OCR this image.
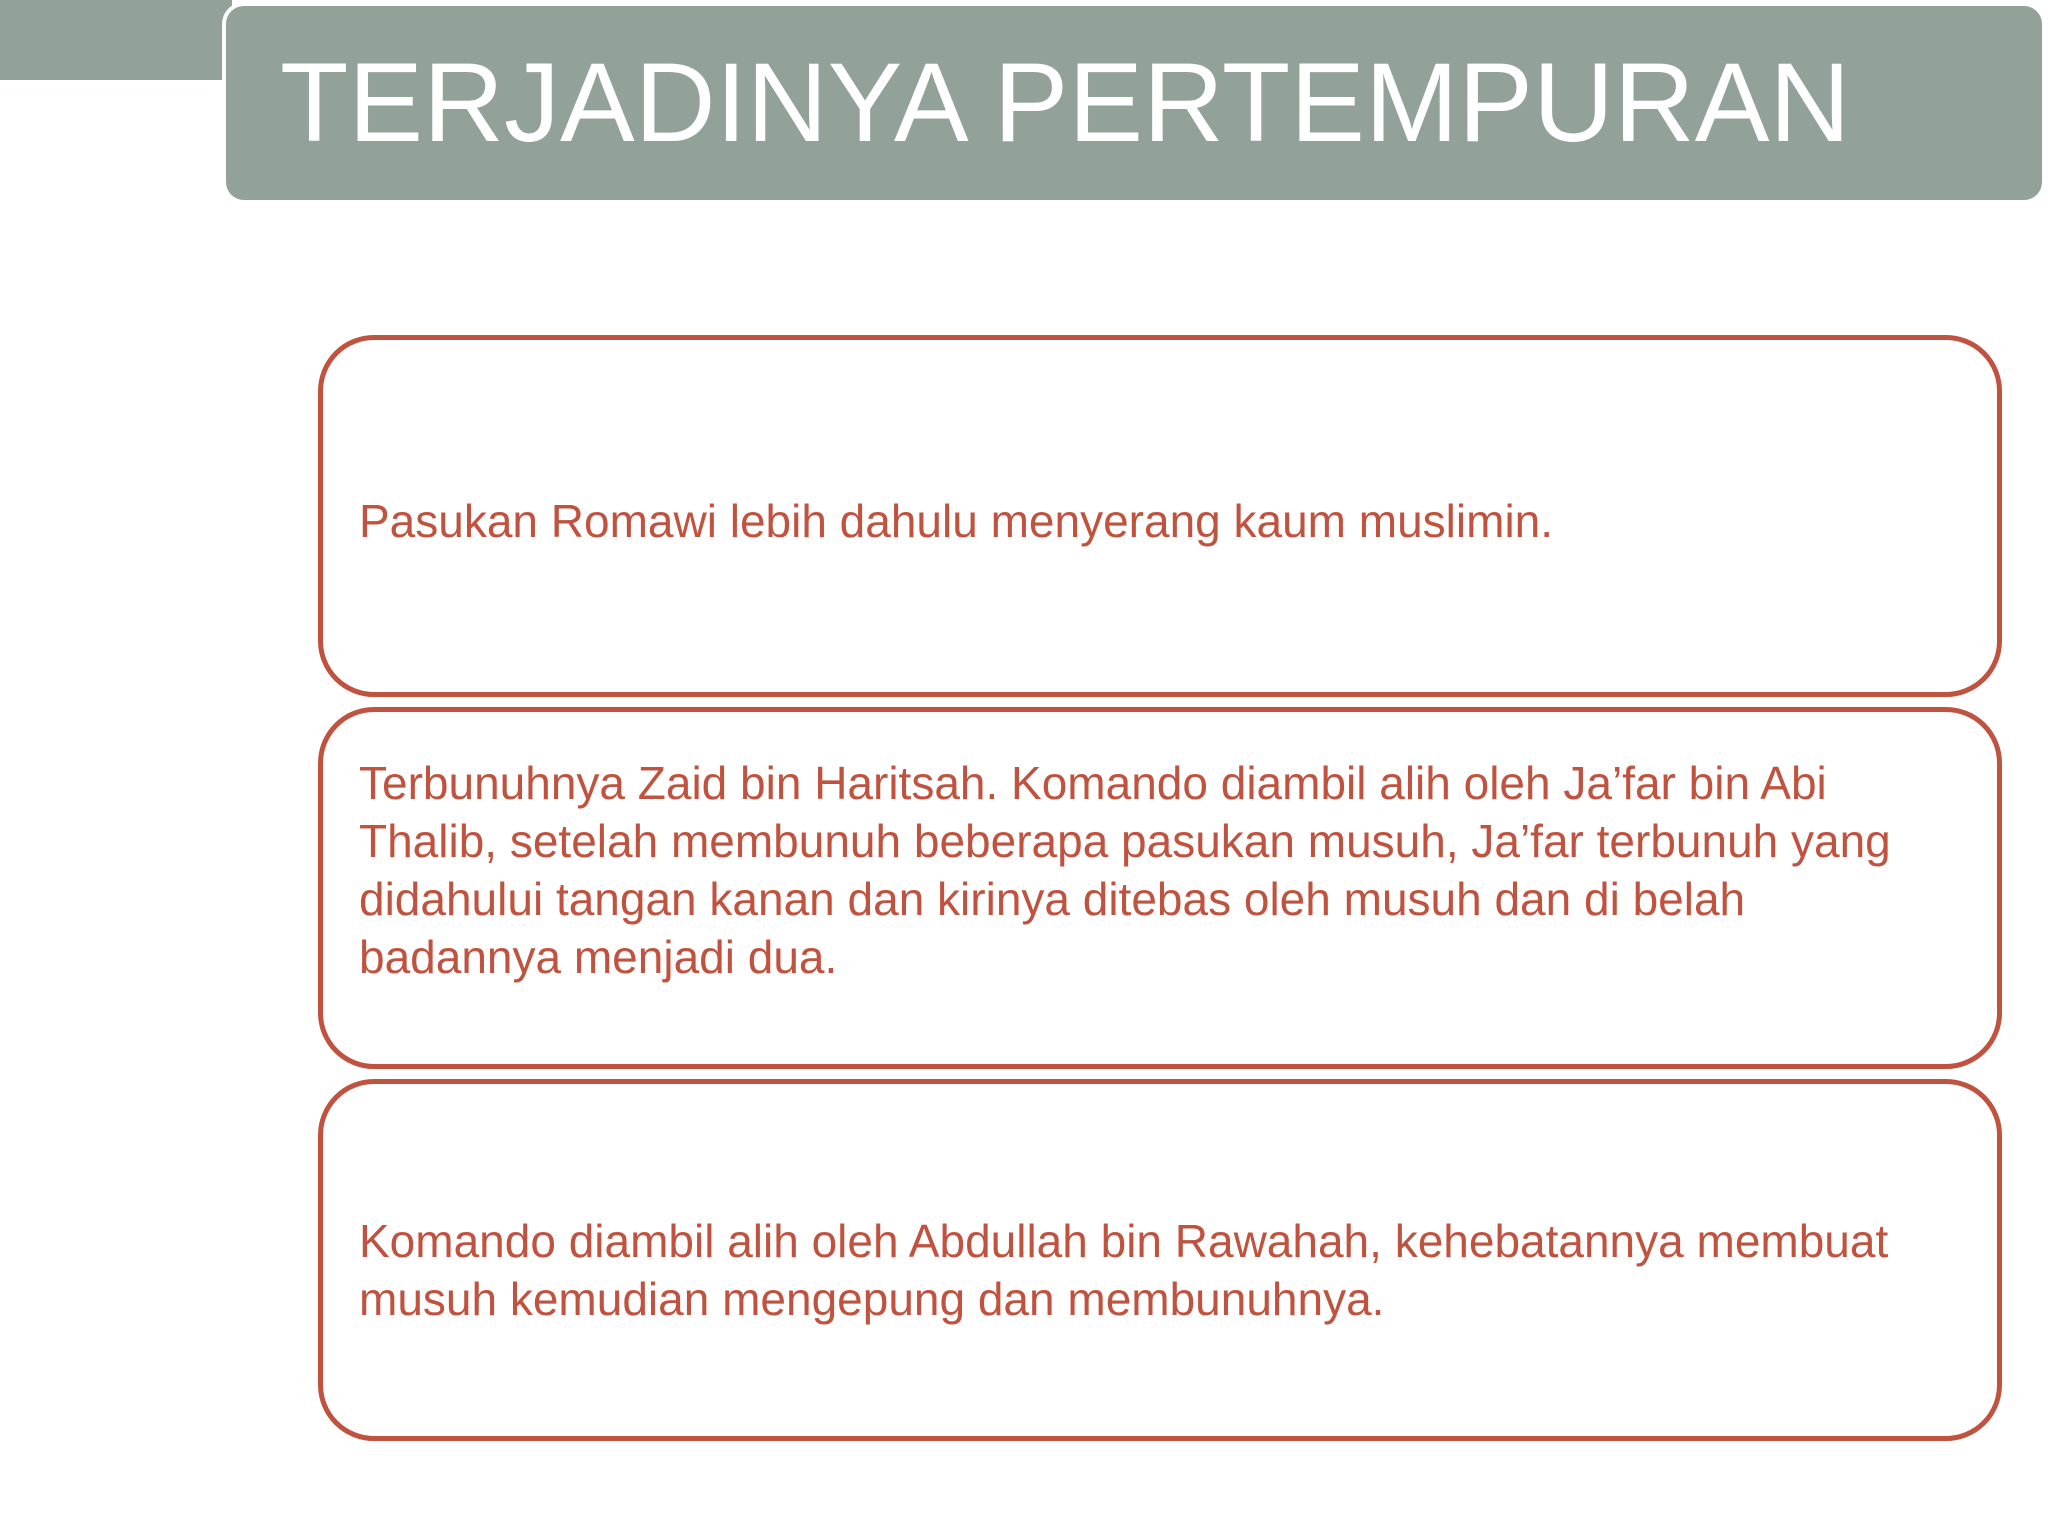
TERJADINYA PERTEMPURAN
Pasukan Romawi lebih dahulu menyerang kaum muslimin.
Terbunuhnya Zaid bin Haritsah. Komando diambil alih oleh Ja’far bin Abi Thalib, setelah membunuh beberapa pasukan musuh, Ja’far terbunuh yang didahului tangan kanan dan kirinya ditebas oleh musuh dan di belah badannya menjadi dua.
Komando diambil alih oleh Abdullah bin Rawahah, kehebatannya membuat musuh kemudian mengepung dan membunuhnya.
